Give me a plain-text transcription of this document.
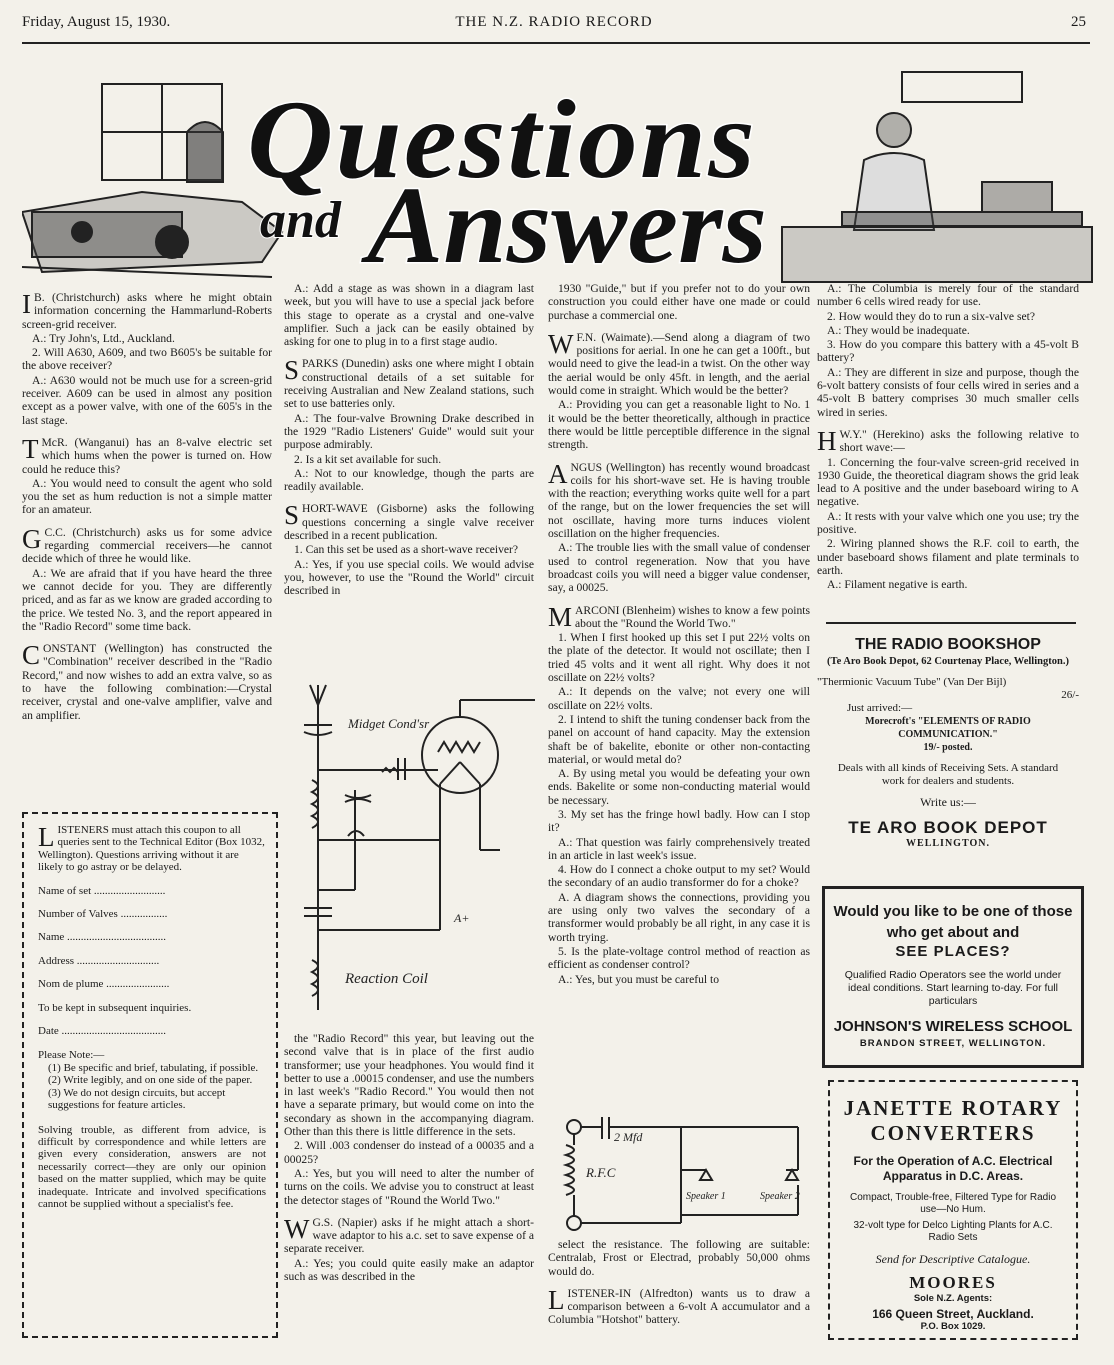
Friday, August 15, 1930.	THE N.Z. RADIO RECORD	25
Questions
and Answers

I B. (Christchurch) asks where he might obtain information concerning the Hammarlund-Roberts screen-grid receiver.

A.: Try John's, Ltd., Auckland.

2. Will A630, A609, and two B605's be suitable for the above receiver?

A.: A630 would not be much use for a screen-grid receiver. A609 can be used in almost any position except as a power valve, with one of the 605's in the last stage.

T McR. (Wanganui) has an 8-valve electric set which hums when the power is turned on. How could he reduce this?

A.: You would need to consult the agent who sold you the set as hum reduction is not a simple matter for an amateur.

G C.C. (Christchurch) asks us for some advice regarding commercial receivers—he cannot decide which of three he would like.

A.: We are afraid that if you have heard the three we cannot decide for you. They are differently priced, and as far as we know are graded according to the price. We tested No. 3, and the report appeared in the "Radio Record" some time back.

CONSTANT (Wellington) has constructed the "Combination" receiver described in the "Radio Record," and now wishes to add an extra valve, so as to have the following combination:—Crystal receiver, crystal and one-valve amplifier, valve and an amplifier.

LISTENERS must attach this coupon to all queries sent to the Technical Editor (Box 1032, Wellington). Questions arriving without it are likely to go astray or be delayed.

Name of set ..........................
Number of Valves .................
Name ....................................
Address ..............................
Nom de plume .......................
To be kept in subsequent inquiries.
Date ......................................
Please Note:—
(1) Be specific and brief, tabulating, if possible.
(2) Write legibly, and on one side of the paper.
(3) We do not design circuits, but accept suggestions for feature articles.

Solving trouble, as different from advice, is difficult by correspondence and while letters are given every consideration, answers are not necessarily correct—they are only our opinion based on the matter supplied, which may be quite inadequate. Intricate and involved specifications cannot be supplied without a specialist's fee.

A.: Add a stage as was shown in a diagram last week, but you will have to use a special jack before this stage to operate as a crystal and one-valve amplifier. Such a jack can be easily obtained by asking for one to plug in to a first stage audio.

SPARKS (Dunedin) asks one where might I obtain constructional details of a set suitable for receiving Australian and New Zealand stations, such set to use batteries only.

A.: The four-valve Browning Drake described in the 1929 "Radio Listeners' Guide" would suit your purpose admirably.

2. Is a kit set available for such.

A.: Not to our knowledge, though the parts are readily available.

SHORT-WAVE (Gisborne) asks the following questions concerning a single valve receiver described in a recent publication.

1. Can this set be used as a short-wave receiver?

A.: Yes, if you use special coils. We would advise you, however, to use the "Round the World" circuit described in

Midget Cond'sr
A+
Reaction Coil

the "Radio Record" this year, but leaving out the second valve that is in place of the first audio transformer; use your headphones. You would find it better to use a .00015 condenser, and use the numbers in last week's "Radio Record." You would then not have a separate primary, but would come on into the secondary as shown in the accompanying diagram. Other than this there is little difference in the sets.

2. Will .003 condenser do instead of a 00035 and a 00025?

A.: Yes, but you will need to alter the number of turns on the coils. We advise you to construct at least the detector stages of "Round the World Two."

W G.S. (Napier) asks if he might attach a short-wave adaptor to his a.c. set to save expense of a separate receiver.

A.: Yes; you could quite easily make an adaptor such as was described in the

1930 "Guide," but if you prefer not to do your own construction you could either have one made or could purchase a commercial one.

W F.N. (Waimate).—Send along a diagram of two positions for aerial. In one he can get a 100ft., but would need to give the lead-in a twist. On the other way the aerial would be only 45ft. in length, and the aerial would come in straight. Which would be the better?

A.: Providing you can get a reasonable light to No. 1 it would be the better theoretically, although in practice there would be little perceptible difference in the signal strength.

ANGUS (Wellington) has recently wound broadcast coils for his short-wave set. He is having trouble with the reaction; everything works quite well for a part of the range, but on the lower frequencies the set will not oscillate, having more turns induces violent oscillation on the higher frequencies.

A.: The trouble lies with the small value of condenser used to control regeneration. Now that you have broadcast coils you will need a bigger value condenser, say, a 00025.

MARCONI (Blenheim) wishes to know a few points about the "Round the World Two."

1. When I first hooked up this set I put 22½ volts on the plate of the detector. It would not oscillate; then I tried 45 volts and it went all right. Why does it not oscillate on 22½ volts?

A.: It depends on the valve; not every one will oscillate on 22½ volts.

2. I intend to shift the tuning condenser back from the panel on account of hand capacity. May the extension shaft be of bakelite, ebonite or other non-contacting material, or would metal do?

A. By using metal you would be defeating your own ends. Bakelite or some non-conducting material would be necessary.

3. My set has the fringe howl badly. How can I stop it?

A.: That question was fairly comprehensively treated in an article in last week's issue.

4. How do I connect a choke output to my set? Would the secondary of an audio transformer do for a choke?

A. A diagram shows the connections, providing you are using only two valves the secondary of a transformer would probably be all right, in any case it is worth trying.

5. Is the plate-voltage control method of reaction as efficient as condenser control?

A.: Yes, but you must be careful to

2 Mfd
R.F.C
Speaker 1	Speaker 2

select the resistance. The following are suitable: Centralab, Frost or Electrad, probably 50,000 ohms would do.

LISTENER-IN (Alfredton) wants us to draw a comparison between a 6-volt A accumulator and a Columbia "Hotshot" battery.

A.: The Columbia is merely four of the standard number 6 cells wired ready for use.

2. How would they do to run a six-valve set?

A.: They would be inadequate.

3. How do you compare this battery with a 45-volt B battery?

A.: They are different in size and purpose, though the 6-volt battery consists of four cells wired in series and a 45-volt B battery comprises 30 much smaller cells wired in series.

H W.Y." (Herekino) asks the following relative to short wave:—

1. Concerning the four-valve screen-grid received in 1930 Guide, the theoretical diagram shows the grid leak lead to A positive and the under baseboard wiring to A negative.

A.: It rests with your valve which one you use; try the positive.

2. Wiring planned shows the R.F. coil to earth, the under baseboard shows filament and plate terminals to earth.

A.: Filament negative is earth.

THE RADIO BOOKSHOP
(Te Aro Book Depot, 62 Courtenay Place, Wellington.)
"Thermionic Vacuum Tube" (Van Der Bijl)
26/-
Just arrived:—
Morecroft's "ELEMENTS OF RADIO COMMUNICATION."
19/- posted.
Deals with all kinds of Receiving Sets. A standard work for dealers and students.
Write us:—
TE ARO BOOK DEPOT
WELLINGTON.
Would you like to be one of those who get about and
SEE PLACES?
Qualified Radio Operators see the world under ideal conditions. Start learning to-day. For full particulars
JOHNSON'S WIRELESS SCHOOL
BRANDON STREET, WELLINGTON.
JANETTE ROTARY
CONVERTERS
For the Operation of A.C. Electrical Apparatus in D.C. Areas.
Compact, Trouble-free, Filtered Type for Radio use—No Hum.
32-volt type for Delco Lighting Plants for A.C. Radio Sets
Send for Descriptive Catalogue.
MOORES
Sole N.Z. Agents:
166 Queen Street, Auckland.
P.O. Box 1029.
